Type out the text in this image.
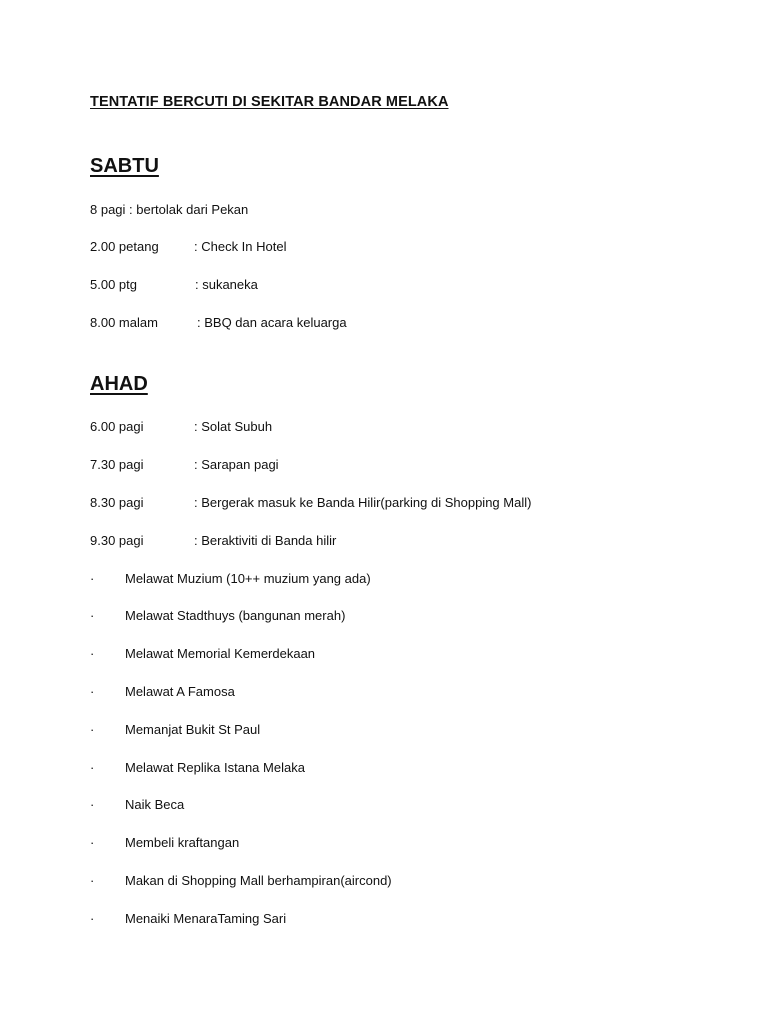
TENTATIF BERCUTI DI SEKITAR BANDAR MELAKA
SABTU
8 pagi : bertolak dari Pekan
2.00 petang	: Check In Hotel
5.00 ptg	: sukaneka
8.00 malam	: BBQ dan acara keluarga
AHAD
6.00 pagi	: Solat Subuh
7.30 pagi	: Sarapan pagi
8.30 pagi	: Bergerak masuk ke Banda Hilir(parking di Shopping Mall)
9.30 pagi	: Beraktiviti di Banda hilir
· Melawat Muzium (10++ muzium yang ada)
· Melawat Stadthuys (bangunan merah)
· Melawat Memorial Kemerdekaan
· Melawat A Famosa
· Memanjat Bukit St Paul
· Melawat Replika Istana Melaka
· Naik Beca
· Membeli kraftangan
· Makan di Shopping Mall berhampiran(aircond)
· Menaiki MenaraTaming Sari
